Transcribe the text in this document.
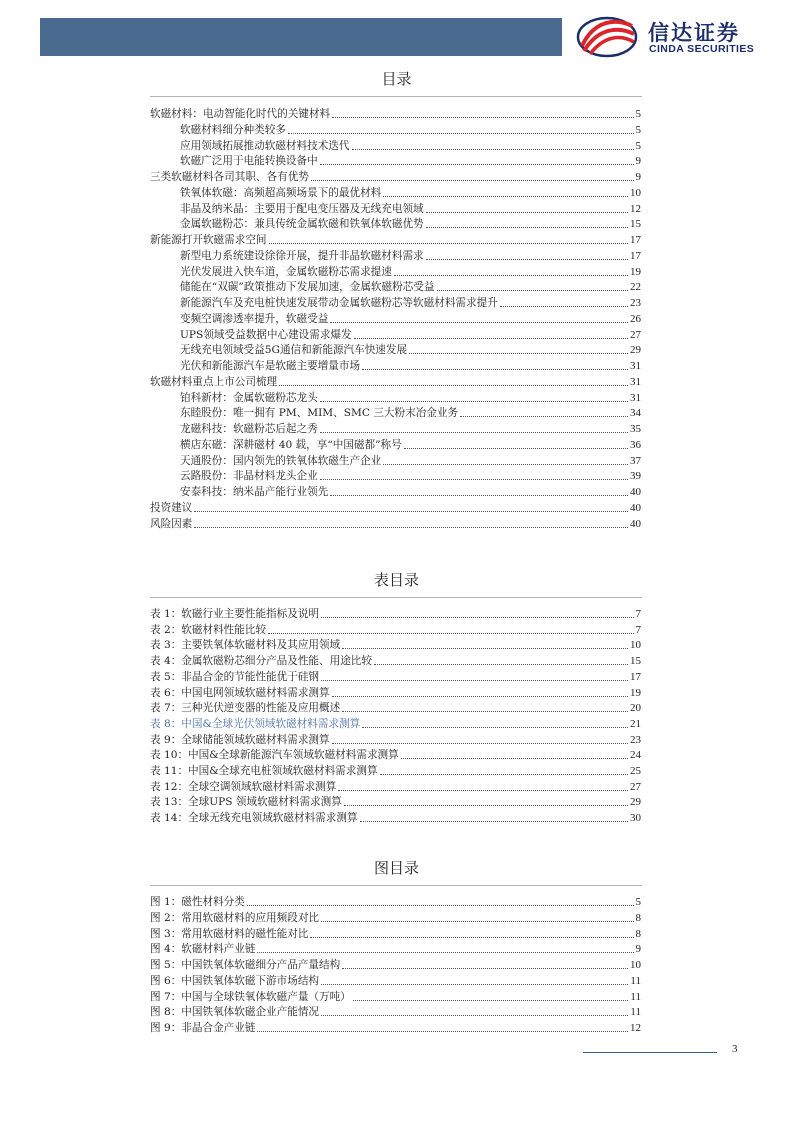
信达证券
CINDA SECURITIES
目录
软磁材料：电动智能化时代的关键材料	5
软磁材料细分种类较多	5
应用领域拓展推动软磁材料技术迭代	5
软磁广泛用于电能转换设备中	9
三类软磁材料各司其职、各有优势	9
铁氧体软磁：高频超高频场景下的最优材料	10
非晶及纳米晶：主要用于配电变压器及无线充电领域	12
金属软磁粉芯：兼具传统金属软磁和铁氧体软磁优势	15
新能源打开软磁需求空间	17
新型电力系统建设徐徐开展，提升非晶软磁材料需求	17
光伏发展进入快车道，金属软磁粉芯需求提速	19
储能在“双碳”政策推动下发展加速，金属软磁粉芯受益	22
新能源汽车及充电桩快速发展带动金属软磁粉芯等软磁材料需求提升	23
变频空调渗透率提升，软磁受益	26
UPS领域受益数据中心建设需求爆发	27
无线充电领域受益5G通信和新能源汽车快速发展	29
光伏和新能源汽车是软磁主要增量市场	31
软磁材料重点上市公司梳理	31
铂科新材：金属软磁粉芯龙头	31
东睦股份：唯一拥有 PM、MIM、SMC 三大粉末冶金业务	34
龙磁科技：软磁粉芯后起之秀	35
横店东磁：深耕磁材 40 载，享“中国磁都”称号	36
天通股份：国内领先的铁氧体软磁生产企业	37
云路股份：非晶材料龙头企业	39
安泰科技：纳米晶产能行业领先	40
投资建议	40
风险因素	40
表目录
表 1：软磁行业主要性能指标及说明	7
表 2：软磁材料性能比较	7
表 3：主要铁氧体软磁材料及其应用领域	10
表 4：金属软磁粉芯细分产品及性能、用途比较	15
表 5：非晶合金的节能性能优于硅钢	17
表 6：中国电网领域软磁材料需求测算	19
表 7：三种光伏逆变器的性能及应用概述	20
表 8：中国&全球光伏领域软磁材料需求测算	21
表 9：全球储能领域软磁材料需求测算	23
表 10：中国&全球新能源汽车领域软磁材料需求测算	24
表 11：中国&全球充电桩领域软磁材料需求测算	25
表 12：全球空调领域软磁材料需求测算	27
表 13：全球UPS 领域软磁材料需求测算	29
表 14：全球无线充电领域软磁材料需求测算	30
图目录
图 1：磁性材料分类	5
图 2：常用软磁材料的应用频段对比	8
图 3：常用软磁材料的磁性能对比	8
图 4：软磁材料产业链	9
图 5：中国铁氧体软磁细分产品产量结构	10
图 6：中国铁氧体软磁下游市场结构	11
图 7：中国与全球铁氧体软磁产量（万吨）	11
图 8：中国铁氧体软磁企业产能情况	11
图 9：非晶合金产业链	12
3
